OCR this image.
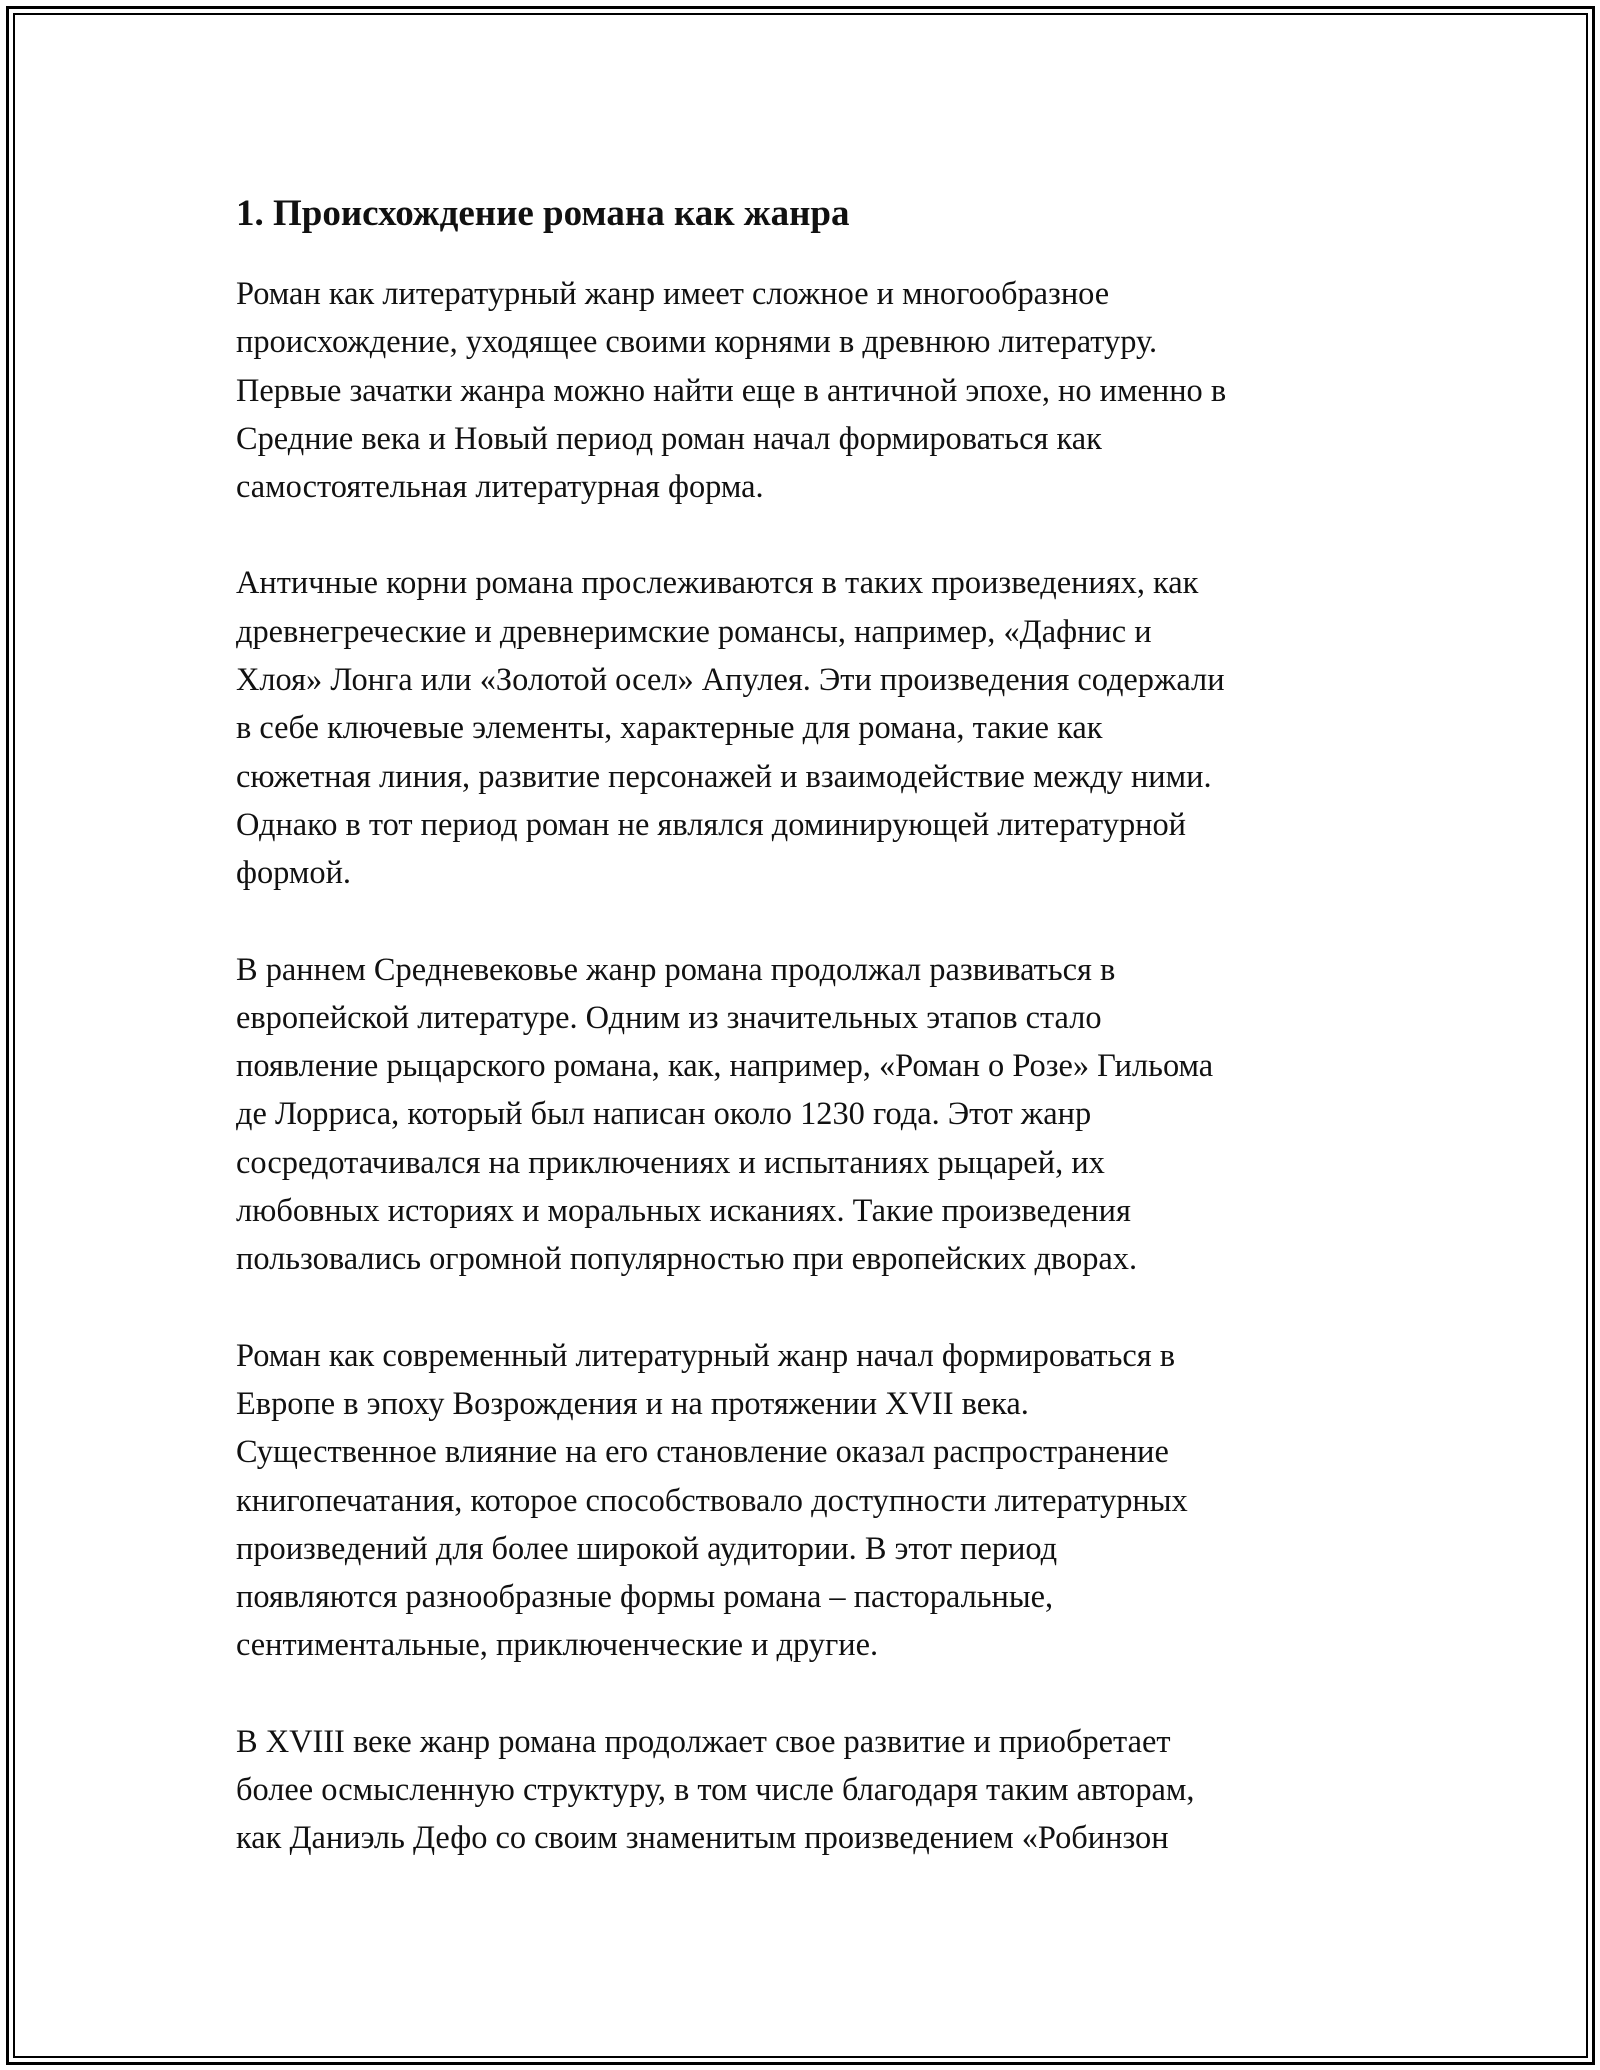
1. Происхождение романа как жанра

Роман как литературный жанр имеет сложное и многообразное
происхождение, уходящее своими корнями в древнюю литературу.
Первые зачатки жанра можно найти еще в античной эпохе, но именно в
Средние века и Новый период роман начал формироваться как
самостоятельная литературная форма.

Античные корни романа прослеживаются в таких произведениях, как
древнегреческие и древнеримские романсы, например, «Дафнис и
Хлоя» Лонга или «Золотой осел» Апулея. Эти произведения содержали
в себе ключевые элементы, характерные для романа, такие как
сюжетная линия, развитие персонажей и взаимодействие между ними.
Однако в тот период роман не являлся доминирующей литературной
формой.

В раннем Средневековье жанр романа продолжал развиваться в
европейской литературе. Одним из значительных этапов стало
появление рыцарского романа, как, например, «Роман о Розе» Гильома
де Лорриса, который был написан около 1230 года. Этот жанр
сосредотачивался на приключениях и испытаниях рыцарей, их
любовных историях и моральных исканиях. Такие произведения
пользовались огромной популярностью при европейских дворах.

Роман как современный литературный жанр начал формироваться в
Европе в эпоху Возрождения и на протяжении XVII века.
Существенное влияние на его становление оказал распространение
книгопечатания, которое способствовало доступности литературных
произведений для более широкой аудитории. В этот период
появляются разнообразные формы романа – пасторальные,
сентиментальные, приключенческие и другие.

В XVIII веке жанр романа продолжает свое развитие и приобретает
более осмысленную структуру, в том числе благодаря таким авторам,
как Даниэль Дефо со своим знаменитым произведением «Робинзон
